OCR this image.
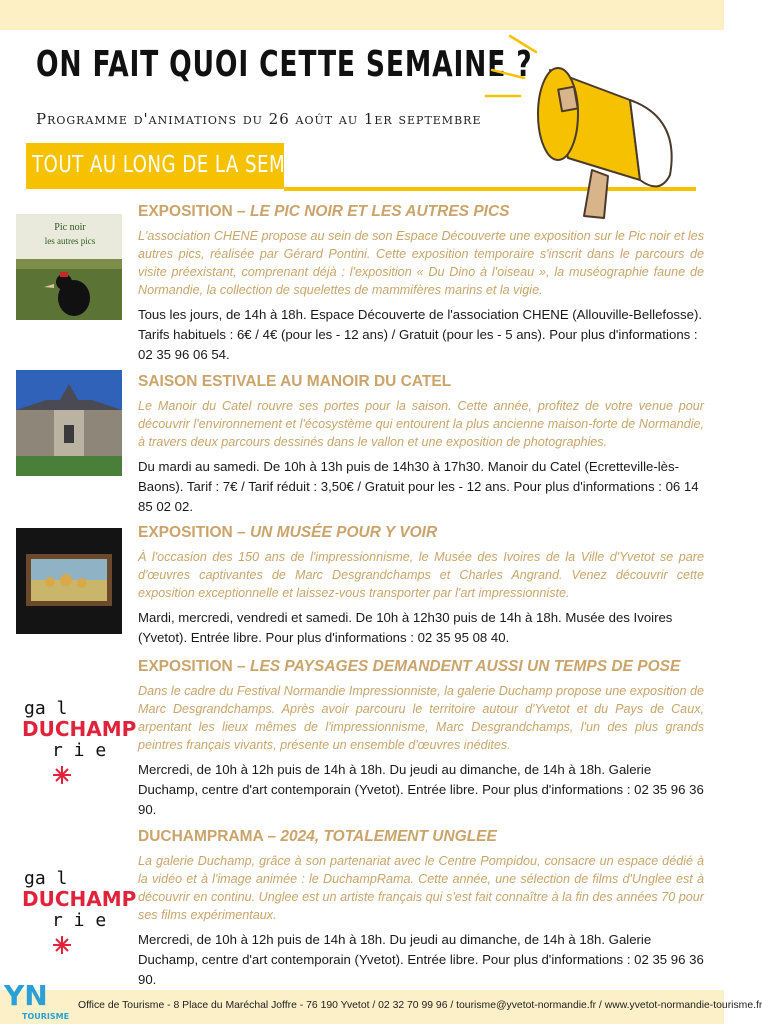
ON FAIT QUOI CETTE SEMAINE ?
Programme d'animations du 26 août au 1er septembre
TOUT AU LONG DE LA SEMAINE
Pic noir
les autres pics
EXPOSITION – LE PIC NOIR ET LES AUTRES PICS

L'association CHENE propose au sein de son Espace Découverte une exposition sur le Pic noir et les autres pics, réalisée par Gérard Pontini. Cette exposition temporaire s'inscrit dans le parcours de visite préexistant, comprenant déjà : l'exposition « Du Dino à l'oiseau », la muséographie faune de Normandie, la collection de squelettes de mammifères marins et la vigie.

Tous les jours, de 14h à 18h. Espace Découverte de l'association CHENE (Allouville-Bellefosse). Tarifs habituels : 6€ / 4€ (pour les - 12 ans) / Gratuit (pour les - 5 ans). Pour plus d'informations : 02 35 96 06 54.

SAISON ESTIVALE AU MANOIR DU CATEL

Le Manoir du Catel rouvre ses portes pour la saison. Cette année, profitez de votre venue pour découvrir l'environnement et l'écosystème qui entourent la plus ancienne maison-forte de Normandie, à travers deux parcours dessinés dans le vallon et une exposition de photographies.

Du mardi au samedi. De 10h à 13h puis de 14h30 à 17h30. Manoir du Catel (Ecretteville-lès-Baons). Tarif : 7€ / Tarif réduit : 3,50€ / Gratuit pour les - 12 ans. Pour plus d'informations : 06 14 85 02 02.

EXPOSITION – UN MUSÉE POUR Y VOIR

À l'occasion des 150 ans de l'impressionnisme, le Musée des Ivoires de la Ville d'Yvetot se pare d'œuvres captivantes de Marc Desgrandchamps et Charles Angrand. Venez découvrir cette exposition exceptionnelle et laissez-vous transporter par l'art impressionniste.

Mardi, mercredi, vendredi et samedi. De 10h à 12h30 puis de 14h à 18h. Musée des Ivoires (Yvetot). Entrée libre. Pour plus d'informations : 02 35 95 08 40.

ga l
DUCHAMP
r i e
EXPOSITION – LES PAYSAGES DEMANDENT AUSSI UN TEMPS DE POSE

Dans le cadre du Festival Normandie Impressionniste, la galerie Duchamp propose une exposition de Marc Desgrandchamps. Après avoir parcouru le territoire autour d'Yvetot et du Pays de Caux, arpentant les lieux mêmes de l'impressionnisme, Marc Desgrandchamps, l'un des plus grands peintres français vivants, présente un ensemble d'œuvres inédites.

Mercredi, de 10h à 12h puis de 14h à 18h. Du jeudi au dimanche, de 14h à 18h. Galerie Duchamp, centre d'art contemporain (Yvetot). Entrée libre. Pour plus d'informations : 02 35 96 36 90.

ga l
DUCHAMP
r i e
DUCHAMPRAMA – 2024, TOTALEMENT UNGLEE

La galerie Duchamp, grâce à son partenariat avec le Centre Pompidou, consacre un espace dédié à la vidéo et à l'image animée : le DuchampRama. Cette année, une sélection de films d'Unglee est à découvrir en continu. Unglee est un artiste français qui s'est fait connaître à la fin des années 70 pour ses films expérimentaux.

Mercredi, de 10h à 12h puis de 14h à 18h. Du jeudi au dimanche, de 14h à 18h. Galerie Duchamp, centre d'art contemporain (Yvetot). Entrée libre. Pour plus d'informations : 02 35 96 36 90.

Office de Tourisme - 8 Place du Maréchal Joffre - 76 190 Yvetot / 02 32 70 99 96 / tourisme@yvetot-normandie.fr / www.yvetot-normandie-tourisme.fr
YN
TOURISME
